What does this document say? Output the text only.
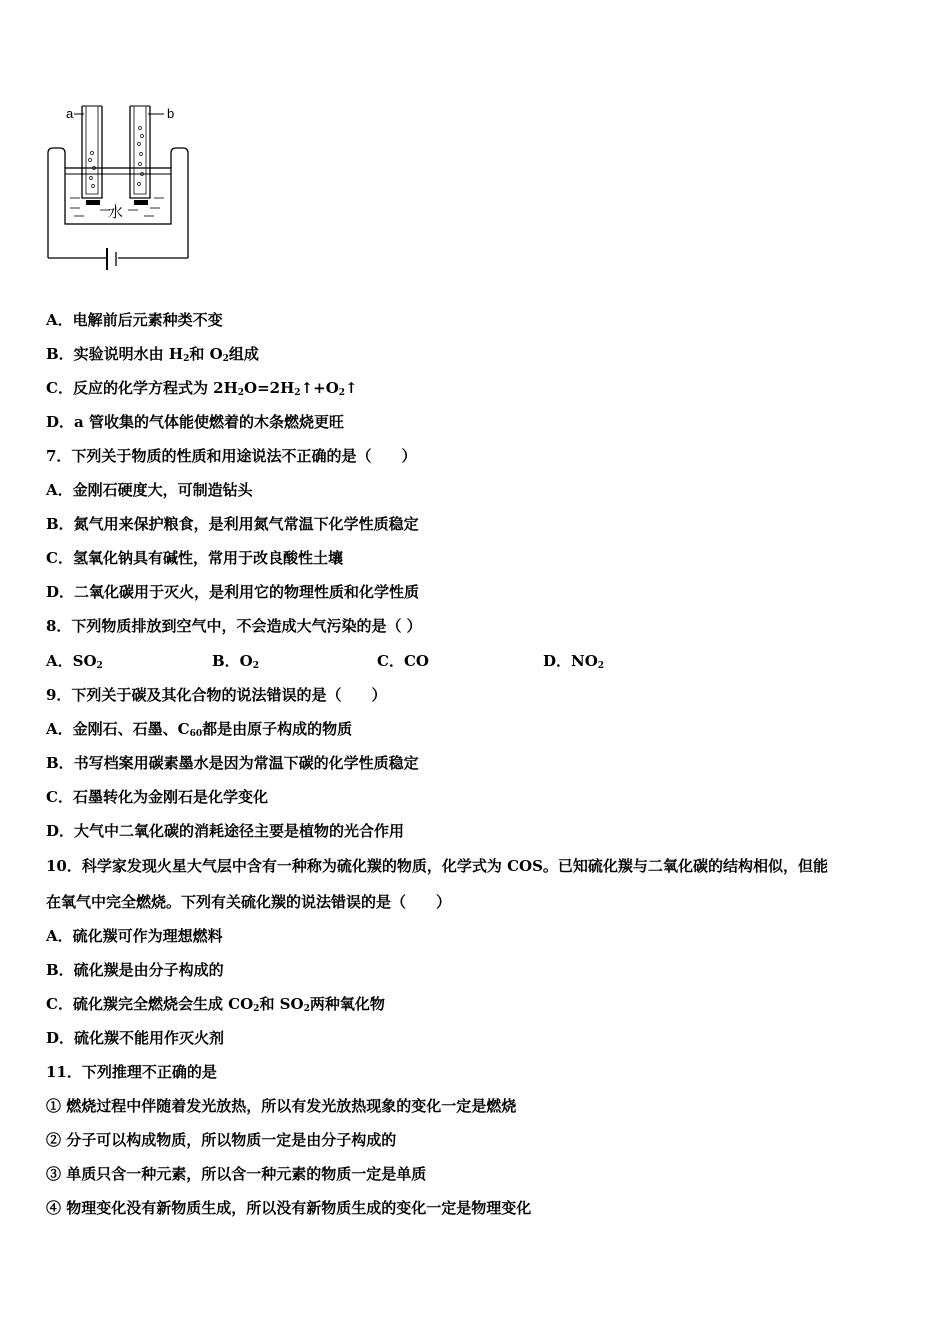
a	b
水
A．电解前后元素种类不变
B．实验说明水由 $H_2$和 $O_2$组成
C．反应的化学方程式为 $2H_2O=2H_2↑+O_2↑$
D．a 管收集的气体能使燃着的木条燃烧更旺
7．下列关于物质的性质和用途说法不正确的是（　　）
A．金刚石硬度大，可制造钻头
B．氮气用来保护粮食，是利用氮气常温下化学性质稳定
C．氢氧化钠具有碱性，常用于改良酸性土壤
D．二氧化碳用于灭火，是利用它的物理性质和化学性质
8．下列物质排放到空气中，不会造成大气污染的是（ ）
A．$SO_2$	B．$O_2$	C．CO	D．$NO_2$
9．下列关于碳及其化合物的说法错误的是（　　）
A．金刚石、石墨、$C_{60}$都是由原子构成的物质
B．书写档案用碳素墨水是因为常温下碳的化学性质稳定
C．石墨转化为金刚石是化学变化
D．大气中二氧化碳的消耗途径主要是植物的光合作用
10．科学家发现火星大气层中含有一种称为硫化羰的物质，化学式为 COS。已知硫化羰与二氧化碳的结构相似，但能
在氧气中完全燃烧。下列有关硫化羰的说法错误的是（　　）
A．硫化羰可作为理想燃料
B．硫化羰是由分子构成的
C．硫化羰完全燃烧会生成 $CO_2$和 $SO_2$两种氧化物
D．硫化羰不能用作灭火剂
11．下列推理不正确的是
① 燃烧过程中伴随着发光放热，所以有发光放热现象的变化一定是燃烧
② 分子可以构成物质，所以物质一定是由分子构成的
③ 单质只含一种元素，所以含一种元素的物质一定是单质
④ 物理变化没有新物质生成，所以没有新物质生成的变化一定是物理变化
